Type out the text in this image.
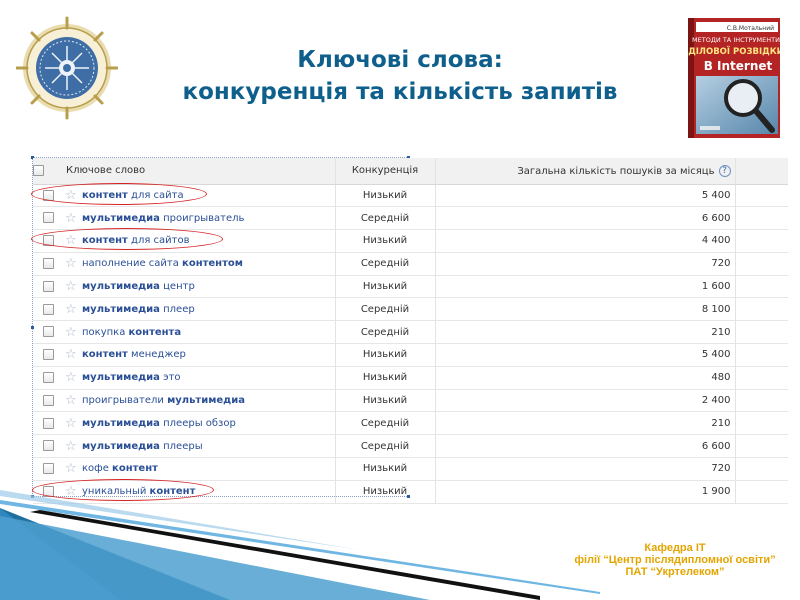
Ключові слова:
конкуренція та кількість запитів
С.В.Мотальний
МЕТОДИ ТА ІНСТРУМЕНТИ
ДІЛОВОЇ РОЗВІДКИ
В Internet
	Ключове слово	Конкуренція	Загальна кількість пошуків за місяць ?	
	☆ контент для сайта	Низький	5 400	
	☆ мультимедиа проигрыватель	Середній	6 600	
	☆ контент для сайтов	Низький	4 400	
	☆ наполнение сайта контентом	Середній	720	
	☆ мультимедиа центр	Низький	1 600	
	☆ мультимедиа плеер	Середній	8 100	
	☆ покупка контента	Середній	210	
	☆ контент менеджер	Низький	5 400	
	☆ мультимедиа это	Низький	480	
	☆ проигрыватели мультимедиа	Низький	2 400	
	☆ мультимедиа плееры обзор	Середній	210	
	☆ мультимедиа плееры	Середній	6 600	
	☆ кофе контент	Низький	720	
	☆ уникальный контент	Низький	1 900	
Кафедра ІТ
філії “Центр післядипломної освіти”
ПАТ “Укртелеком”
